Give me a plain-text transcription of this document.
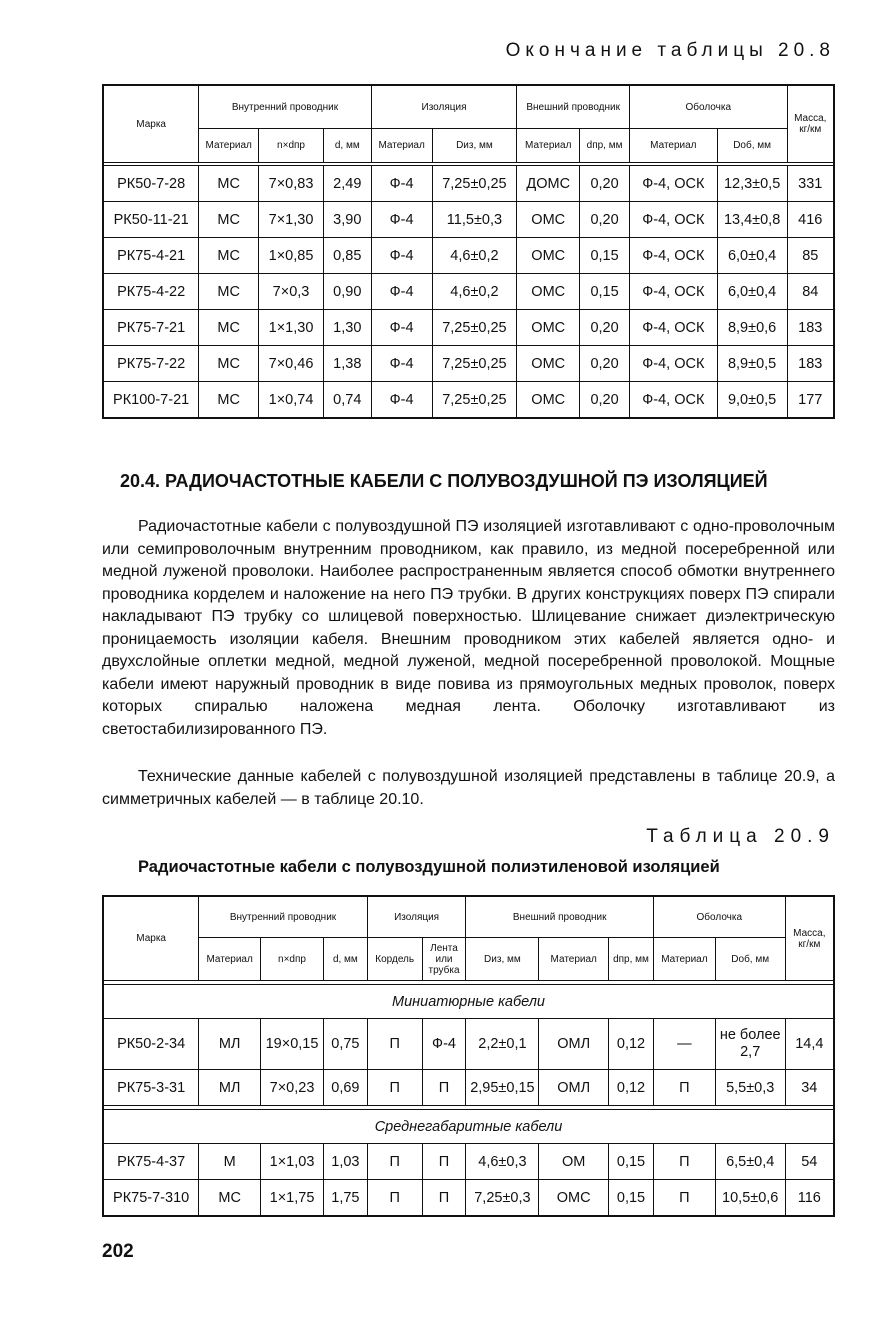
Окончание таблицы 20.8
Марка	Внутренний проводник			Изоляция		Внешний проводник		Оболочка		Масса, кг/км
	Материал	n×dпр	d, мм	Материал	Dиз, мм	Материал	dпр, мм	Материал	Dоб, мм	

РК50-7-28	МС	7×0,83	2,49	Ф-4	7,25±0,25	ДОМС	0,20	Ф-4, ОСК	12,3±0,5	331
РК50-11-21	МС	7×1,30	3,90	Ф-4	11,5±0,3	ОМС	0,20	Ф-4, ОСК	13,4±0,8	416
РК75-4-21	МС	1×0,85	0,85	Ф-4	4,6±0,2	ОМС	0,15	Ф-4, ОСК	6,0±0,4	85
РК75-4-22	МС	7×0,3	0,90	Ф-4	4,6±0,2	ОМС	0,15	Ф-4, ОСК	6,0±0,4	84
РК75-7-21	МС	1×1,30	1,30	Ф-4	7,25±0,25	ОМС	0,20	Ф-4, ОСК	8,9±0,6	183
РК75-7-22	МС	7×0,46	1,38	Ф-4	7,25±0,25	ОМС	0,20	Ф-4, ОСК	8,9±0,5	183
РК100-7-21	МС	1×0,74	0,74	Ф-4	7,25±0,25	ОМС	0,20	Ф-4, ОСК	9,0±0,5	177
20.4. РАДИОЧАСТОТНЫЕ КАБЕЛИ С ПОЛУВОЗДУШНОЙ ПЭ ИЗОЛЯЦИЕЙ

Радиочастотные кабели с полувоздушной ПЭ изоляцией изготавливают с одно-проволочным или семипроволочным внутренним проводником, как правило, из медной посеребренной или медной луженой проволоки. Наиболее распространенным является способ обмотки внутреннего проводника корделем и наложение на него ПЭ трубки. В других конструкциях поверх ПЭ спирали накладывают ПЭ трубку со шлицевой поверхностью. Шлицевание снижает диэлектрическую проницаемость изоляции кабеля. Внешним проводником этих кабелей является одно- и двухслойные оплетки медной, медной луженой, медной посеребренной проволокой. Мощные кабели имеют наружный проводник в виде повива из прямоугольных медных проволок, поверх которых спиралью наложена медная лента. Оболочку изготавливают из светостабилизированного ПЭ.

Технические данные кабелей с полувоздушной изоляцией представлены в таблице 20.9, а симметричных кабелей — в таблице 20.10.

Таблица 20.9
Радиочастотные кабели с полувоздушной полиэтиленовой изоляцией
Марка	Внутренний проводник			Изоляция		Внешний проводник			Оболочка		Масса, кг/км
	Материал	n×dпр	d, мм	Кордель	Лента или трубка	Dиз, мм	Материал	dпр, мм	Материал	Dоб, мм	

Миниатюрные кабели											
РК50-2-34	МЛ	19×0,15	0,75	П	Ф-4	2,2±0,1	ОМЛ	0,12	—	не более 2,7	14,4
РК75-3-31	МЛ	7×0,23	0,69	П	П	2,95±0,15	ОМЛ	0,12	П	5,5±0,3	34

Среднегабаритные кабели											
РК75-4-37	М	1×1,03	1,03	П	П	4,6±0,3	ОМ	0,15	П	6,5±0,4	54
РК75-7-310	МС	1×1,75	1,75	П	П	7,25±0,3	ОМС	0,15	П	10,5±0,6	116
202
